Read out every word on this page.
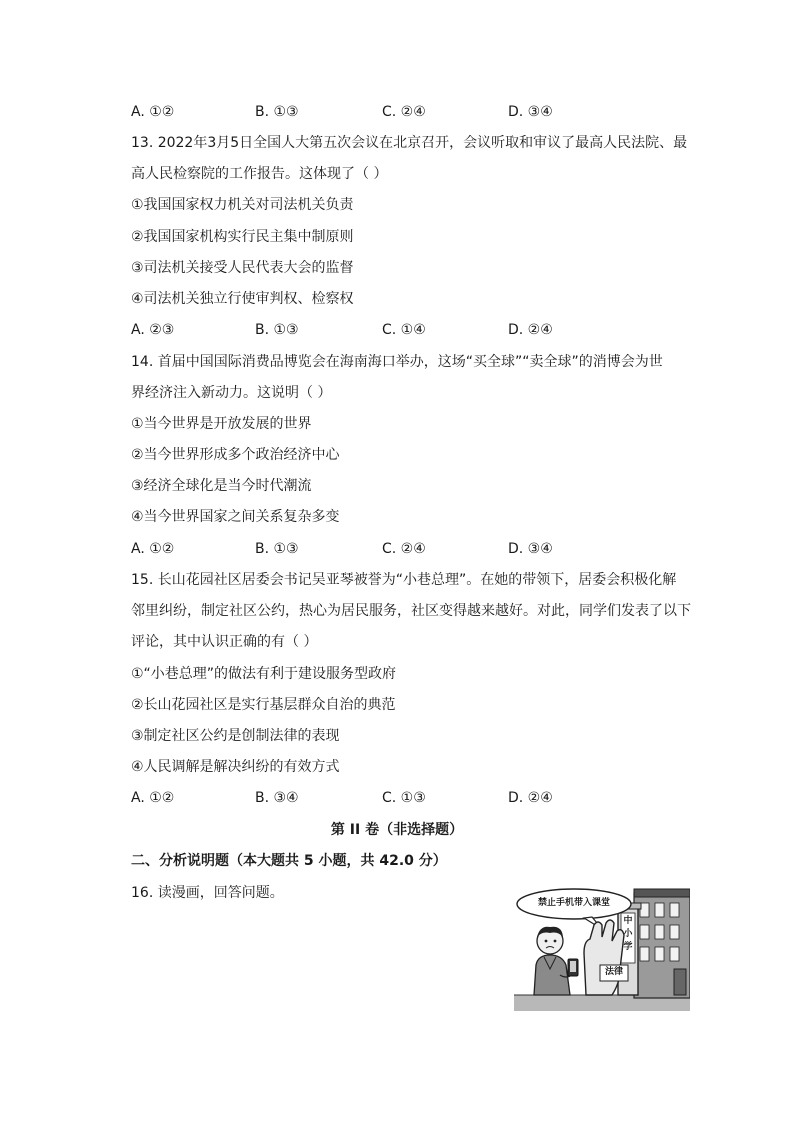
A. ①②	B. ①③	C. ②④	D. ③④
13. 2022年3月5日全国人大第五次会议在北京召开，会议听取和审议了最高人民法院、最
高人民检察院的工作报告。这体现了（ ）
①我国国家权力机关对司法机关负责
②我国国家机构实行民主集中制原则
③司法机关接受人民代表大会的监督
④司法机关独立行使审判权、检察权
A. ②③	B. ①③	C. ①④	D. ②④
14. 首届中国国际消费品博览会在海南海口举办，这场“买全球”“卖全球”的消博会为世
界经济注入新动力。这说明（ ）
①当今世界是开放发展的世界
②当今世界形成多个政治经济中心
③经济全球化是当今时代潮流
④当今世界国家之间关系复杂多变
A. ①②	B. ①③	C. ②④	D. ③④
15. 长山花园社区居委会书记吴亚琴被誉为“小巷总理”。在她的带领下，居委会积极化解
邻里纠纷，制定社区公约，热心为居民服务，社区变得越来越好。对此，同学们发表了以下
评论，其中认识正确的有（ ）
①“小巷总理”的做法有利于建设服务型政府
②长山花园社区是实行基层群众自治的典范
③制定社区公约是创制法律的表现
④人民调解是解决纠纷的有效方式
A. ①②	B. ③④	C. ①③	D. ②④
第 II 卷（非选择题）
二、分析说明题（本大题共 5 小题，共 42.0 分）
16. 读漫画，回答问题。
禁止手机带入课堂
法律
中小学
